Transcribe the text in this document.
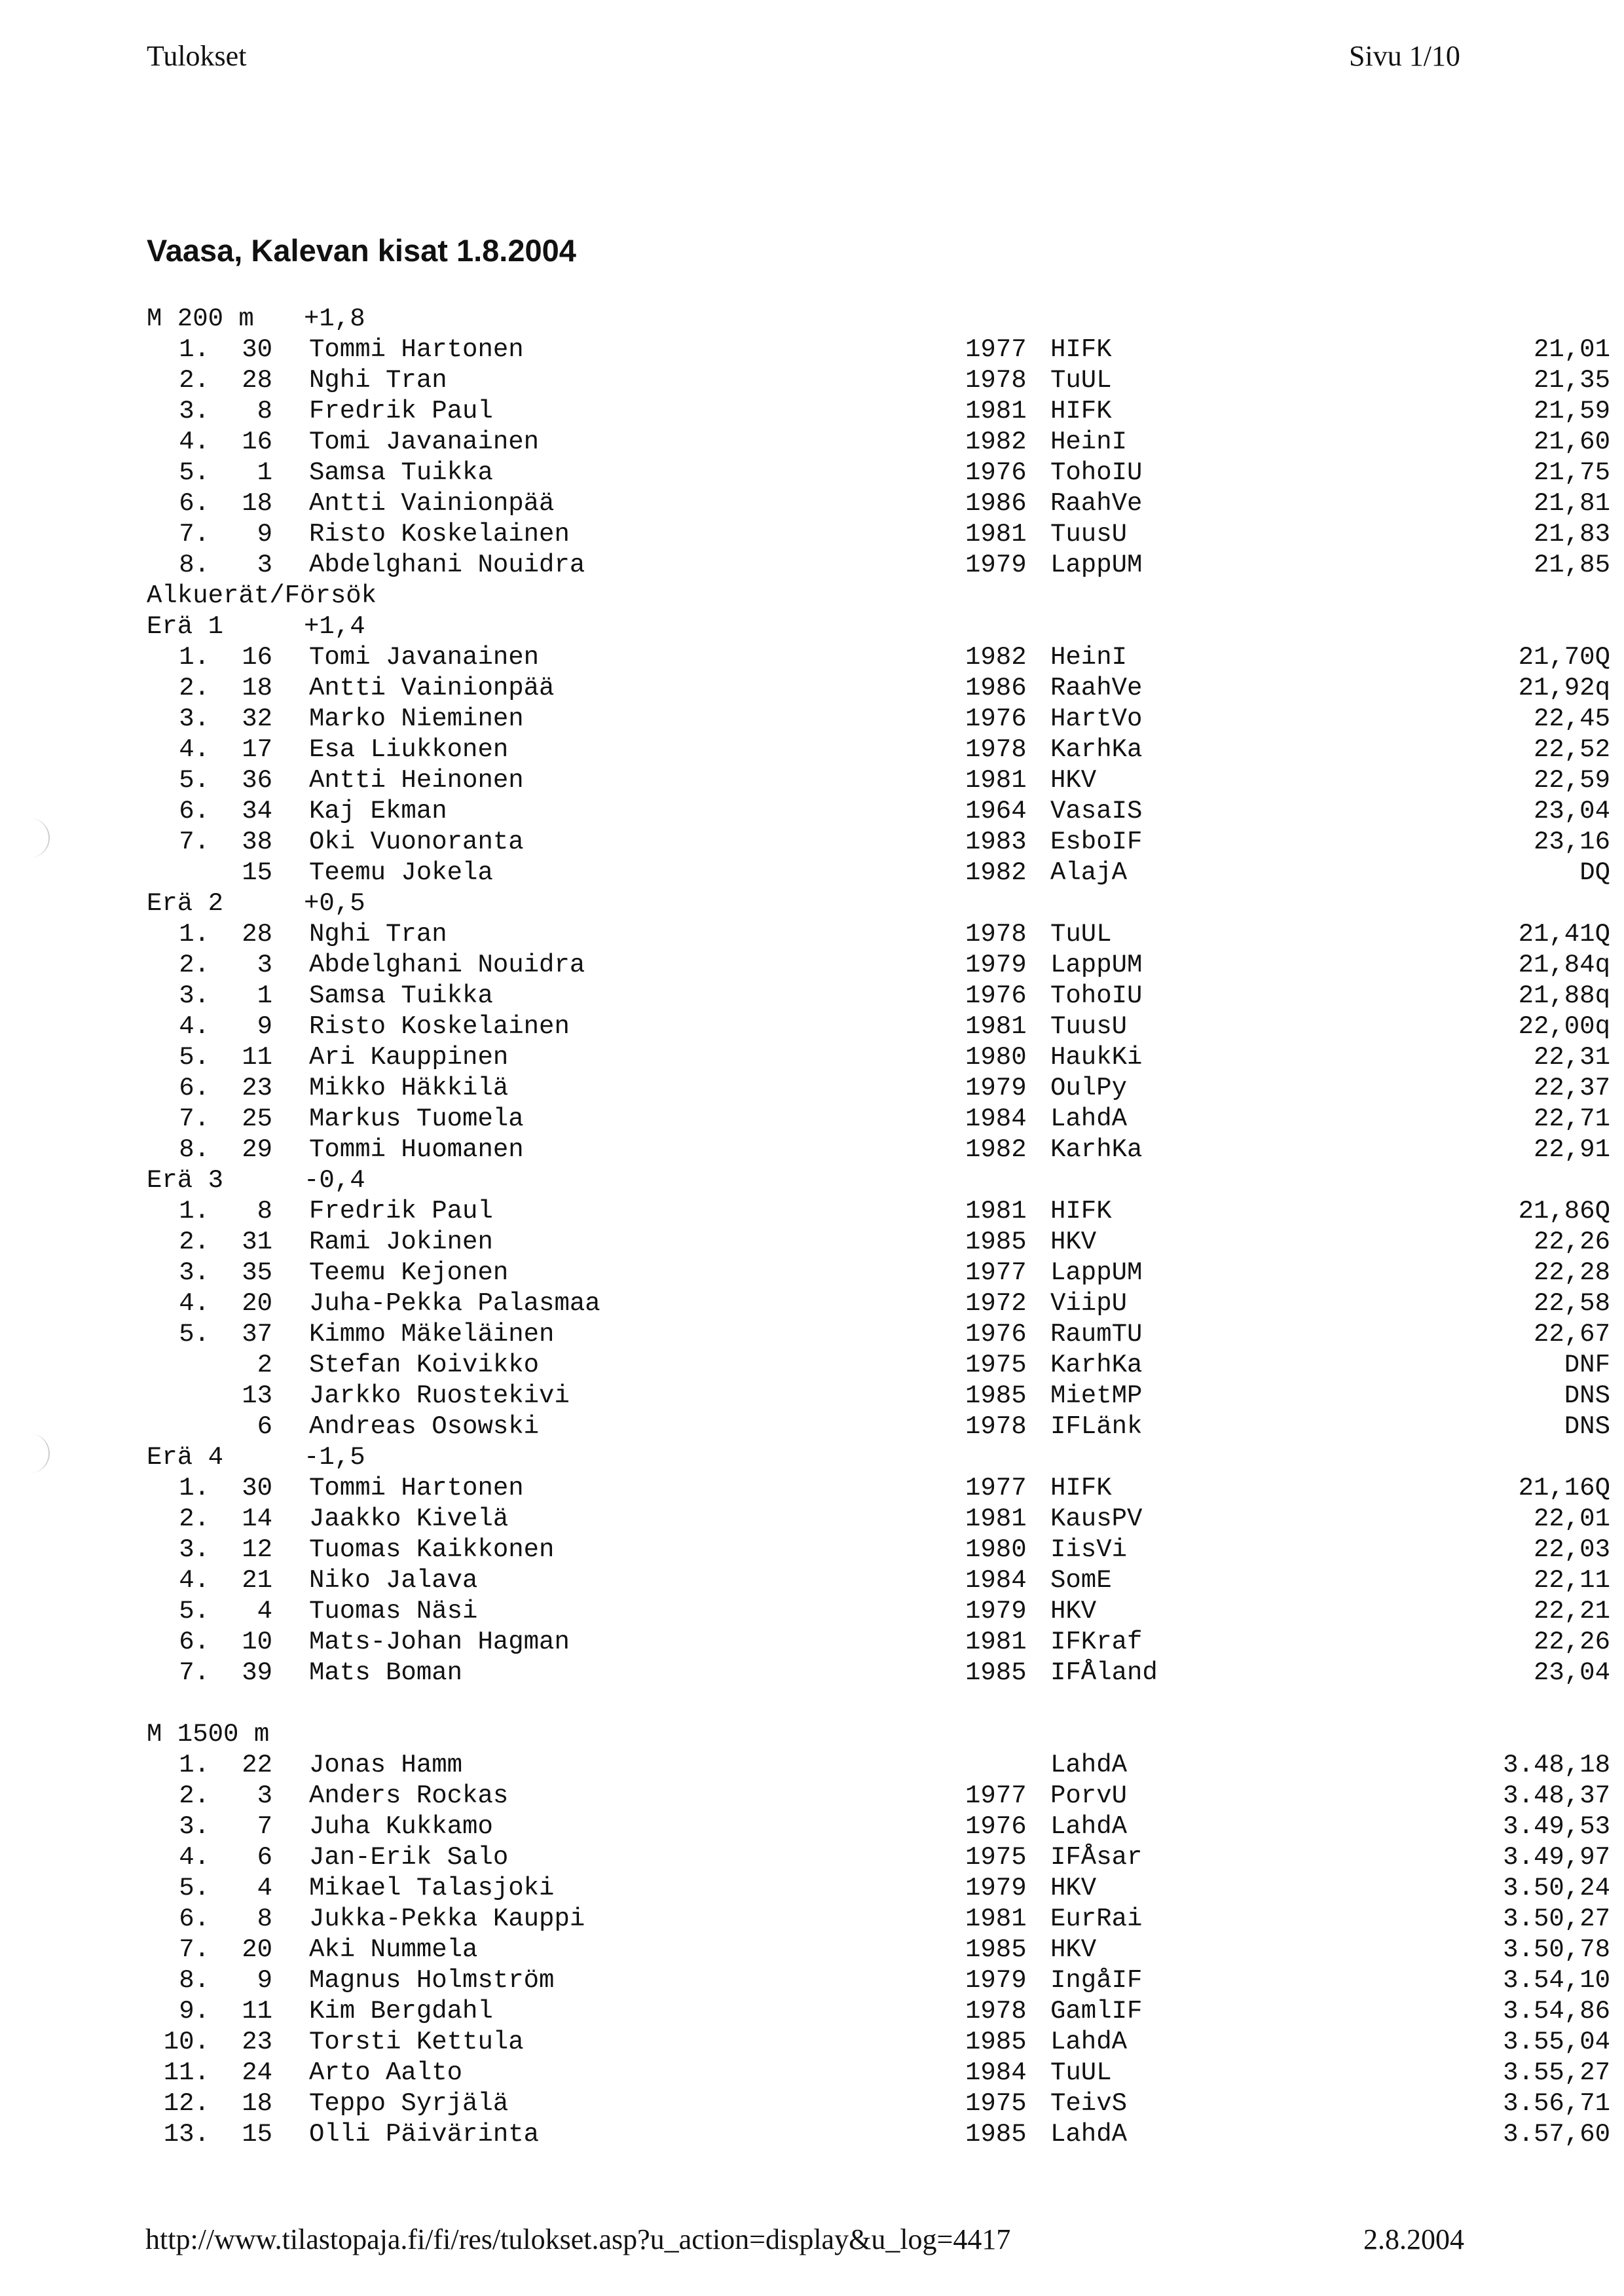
Tulokset	Sivu 1/10
Vaasa, Kalevan kisat 1.8.2004
M 200 m +1,8
1.	30 Tommi Hartonen	1977 HIFK	21,01
2.	28 Nghi Tran	1978 TuUL	21,35
3.	8 Fredrik Paul	1981 HIFK	21,59
4.	16 Tomi Javanainen	1982 HeinI	21,60
5.	1 Samsa Tuikka	1976 TohoIU	21,75
6.	18 Antti Vainionpää	1986 RaahVe	21,81
7.	9 Risto Koskelainen	1981 TuusU	21,83
8.	3 Abdelghani Nouidra	1979 LappUM	21,85
Alkuerät/Försök
Erä 1	+1,4
1.	16 Tomi Javanainen	1982 HeinI	21,70Q
2.	18 Antti Vainionpää	1986 RaahVe	21,92q
3.	32 Marko Nieminen	1976 HartVo	22,45
4.	17 Esa Liukkonen	1978 KarhKa	22,52
5.	36 Antti Heinonen	1981 HKV	22,59
6.	34 Kaj Ekman	1964 VasaIS	23,04
7.	38 Oki Vuonoranta	1983 EsboIF	23,16
15 Teemu Jokela	1982 AlajA	DQ
Erä 2	+0,5
1.	28 Nghi Tran	1978 TuUL	21,41Q
2.	3 Abdelghani Nouidra	1979 LappUM	21,84q
3.	1 Samsa Tuikka	1976 TohoIU	21,88q
4.	9 Risto Koskelainen	1981 TuusU	22,00q
5.	11 Ari Kauppinen	1980 HaukKi	22,31
6.	23 Mikko Häkkilä	1979 OulPy	22,37
7.	25 Markus Tuomela	1984 LahdA	22,71
8.	29 Tommi Huomanen	1982 KarhKa	22,91
Erä 3	-0,4
1.	8 Fredrik Paul	1981 HIFK	21,86Q
2.	31 Rami Jokinen	1985 HKV	22,26
3.	35 Teemu Kejonen	1977 LappUM	22,28
4.	20 Juha-Pekka Palasmaa	1972 ViipU	22,58
5.	37 Kimmo Mäkeläinen	1976 RaumTU	22,67
2 Stefan Koivikko	1975 KarhKa	DNF
13 Jarkko Ruostekivi	1985 MietMP	DNS
6 Andreas Osowski	1978 IFLänk	DNS
Erä 4	-1,5
1.	30 Tommi Hartonen	1977 HIFK	21,16Q
2.	14 Jaakko Kivelä	1981 KausPV	22,01
3.	12 Tuomas Kaikkonen	1980 IisVi	22,03
4.	21 Niko Jalava	1984 SomE	22,11
5.	4 Tuomas Näsi	1979 HKV	22,21
6.	10 Mats-Johan Hagman	1981 IFKraf	22,26
7.	39 Mats Boman	1985 IFÅland	23,04
M 1500 m
1.	22 Jonas Hamm	LahdA	3.48,18
2.	3 Anders Rockas	1977 PorvU	3.48,37
3.	7 Juha Kukkamo	1976 LahdA	3.49,53
4.	6 Jan-Erik Salo	1975 IFÅsar	3.49,97
5.	4 Mikael Talasjoki	1979 HKV	3.50,24
6.	8 Jukka-Pekka Kauppi	1981 EurRai	3.50,27
7.	20 Aki Nummela	1985 HKV	3.50,78
8.	9 Magnus Holmström	1979 IngåIF	3.54,10
9.	11 Kim Bergdahl	1978 GamlIF	3.54,86
10.	23 Torsti Kettula	1985 LahdA	3.55,04
11.	24 Arto Aalto	1984 TuUL	3.55,27
12.	18 Teppo Syrjälä	1975 TeivS	3.56,71
13.	15 Olli Päivärinta	1985 LahdA	3.57,60
http://www.tilastopaja.fi/fi/res/tulokset.asp?u_action=display&u_log=4417	2.8.2004
